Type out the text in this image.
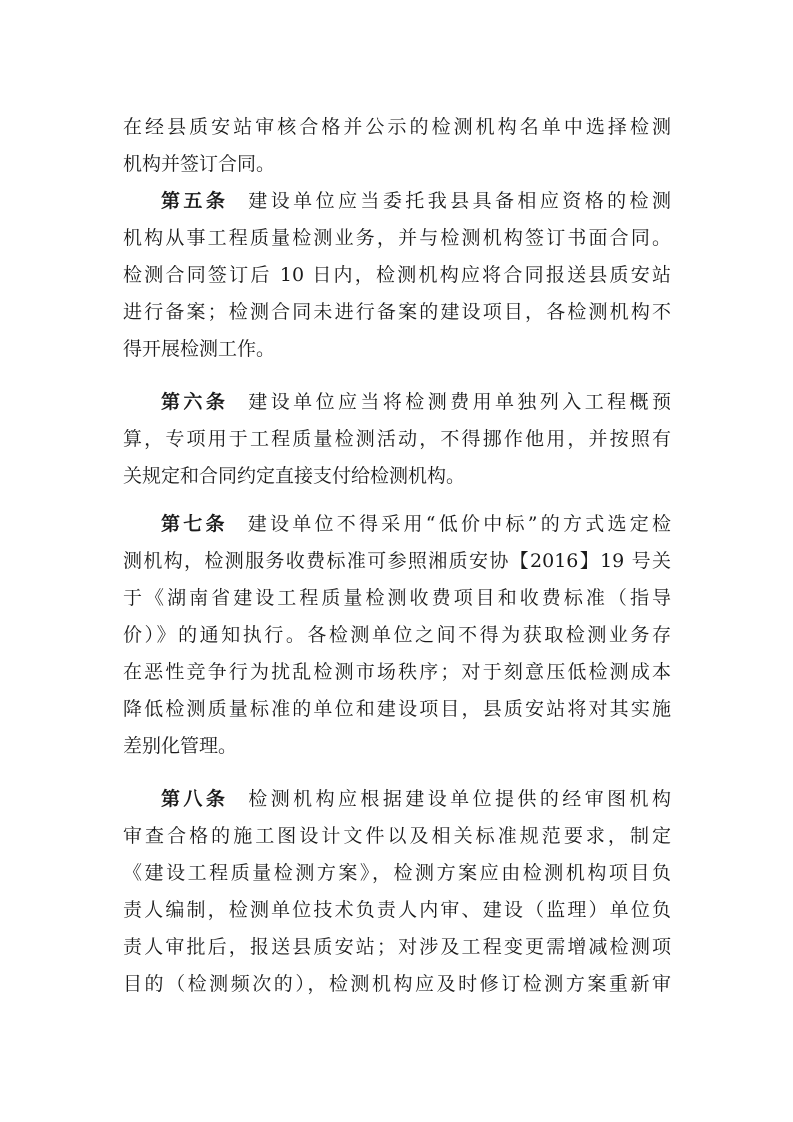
在经县质安站审核合格并公示的检测机构名单中选择检测
机构并签订合同。
第五条 建设单位应当委托我县具备相应资格的检测
机构从事工程质量检测业务，并与检测机构签订书面合同。
检测合同签订后 10 日内，检测机构应将合同报送县质安站
进行备案；检测合同未进行备案的建设项目，各检测机构不
得开展检测工作。
第六条 建设单位应当将检测费用单独列入工程概预
算，专项用于工程质量检测活动，不得挪作他用，并按照有
关规定和合同约定直接支付给检测机构。
第七条 建设单位不得采用“低价中标”的方式选定检
测机构，检测服务收费标准可参照湘质安协【2016】19 号关
于《湖南省建设工程质量检测收费项目和收费标准（指导
价）》的通知执行。各检测单位之间不得为获取检测业务存
在恶性竞争行为扰乱检测市场秩序；对于刻意压低检测成本
降低检测质量标准的单位和建设项目，县质安站将对其实施
差别化管理。
第八条 检测机构应根据建设单位提供的经审图机构
审查合格的施工图设计文件以及相关标准规范要求，制定
《建设工程质量检测方案》，检测方案应由检测机构项目负
责人编制，检测单位技术负责人内审、建设（监理）单位负
责人审批后，报送县质安站；对涉及工程变更需增减检测项
目的（检测频次的），检测机构应及时修订检测方案重新审
